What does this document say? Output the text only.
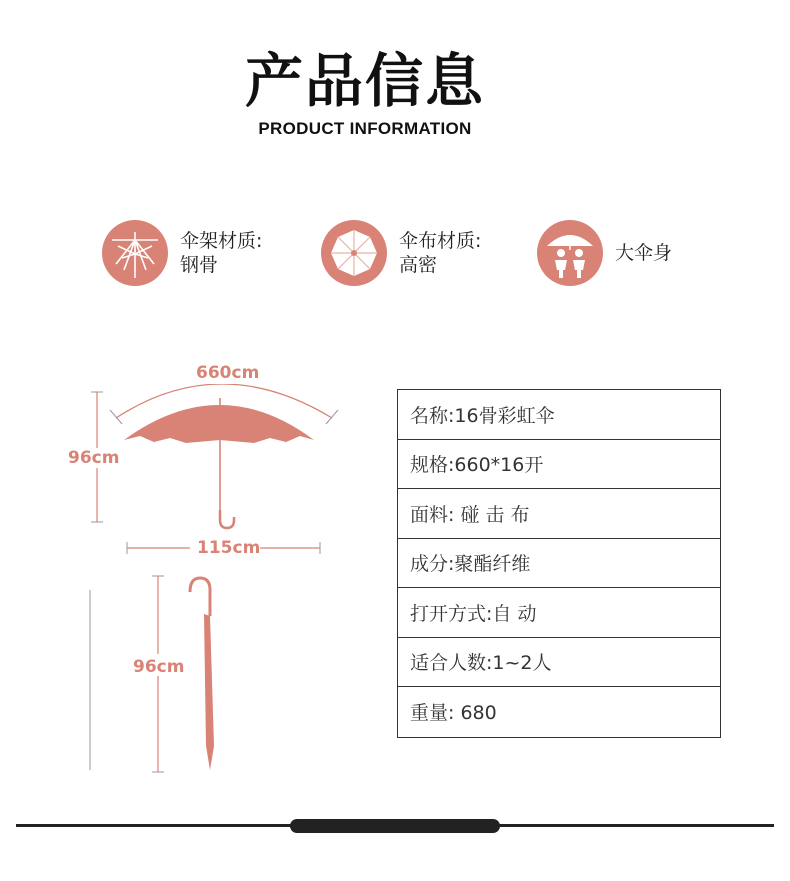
产品信息
PRODUCT INFORMATION
伞架材质:
钢骨
伞布材质:
高密
大伞身
660cm
96cm
115cm
96cm
名称:16骨彩虹伞
规格:660*16开
面料: 碰 击 布
成分:聚酯纤维
打开方式:自 动
适合人数:1~2人
重量: 680
